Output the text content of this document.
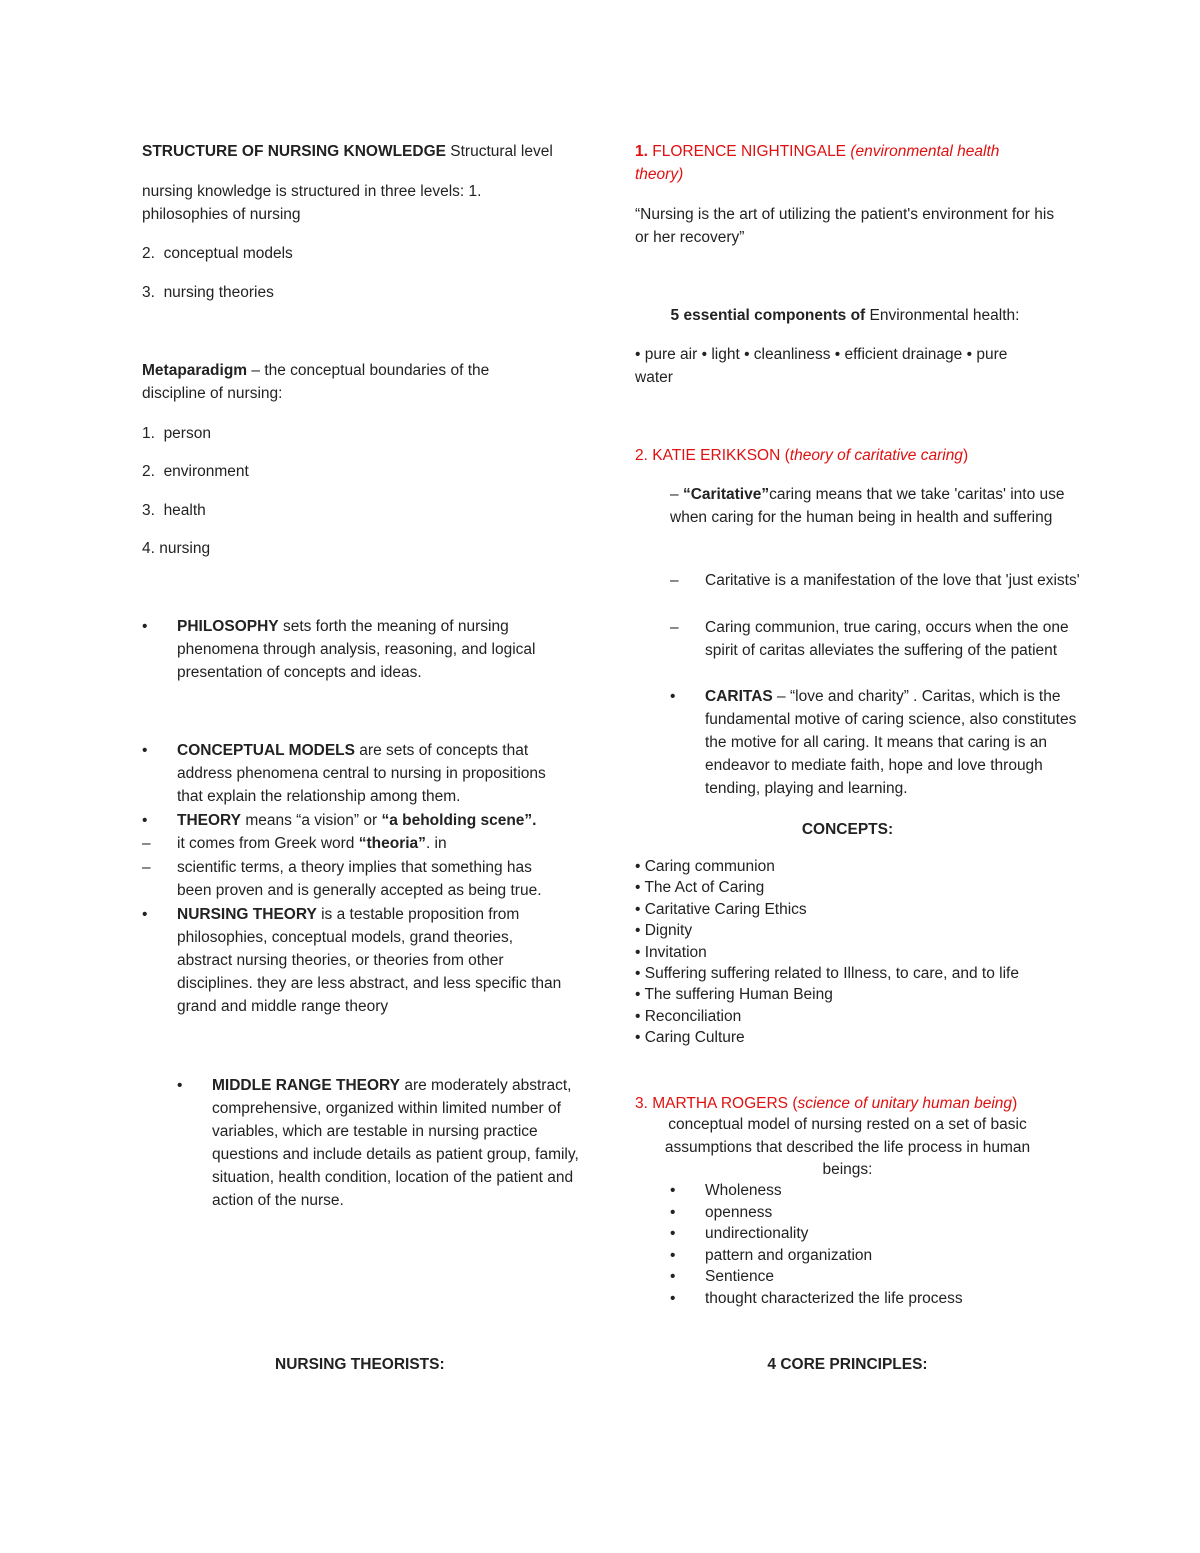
STRUCTURE OF NURSING KNOWLEDGE Structural level

nursing knowledge is structured in three levels: 1. philosophies of nursing

2. conceptual models

3. nursing theories

Metaparadigm – the conceptual boundaries of the discipline of nursing:

1. person

2. environment

3. health

4. nursing

• PHILOSOPHY sets forth the meaning of nursing phenomena through analysis, reasoning, and logical presentation of concepts and ideas.
• CONCEPTUAL MODELS are sets of concepts that address phenomena central to nursing in propositions that explain the relationship among them.
• THEORY means “a vision” or “a beholding scene”.
– it comes from Greek word “theoria”. in
– scientific terms, a theory implies that something has been proven and is generally accepted as being true.
• NURSING THEORY is a testable proposition from philosophies, conceptual models, grand theories, abstract nursing theories, or theories from other disciplines. they are less abstract, and less specific than grand and middle range theory
• MIDDLE RANGE THEORY are moderately abstract, comprehensive, organized within limited number of variables, which are testable in nursing practice questions and include details as patient group, family, situation, health condition, location of the patient and action of the nurse.

NURSING THEORISTS:

1. FLORENCE NIGHTINGALE (environmental health theory)

“Nursing is the art of utilizing the patient's environment for his or her recovery”

5 essential components of Environmental health:

• pure air • light • cleanliness • efficient drainage • pure water

2. KATIE ERIKKSON (theory of caritative caring)

– “Caritative”caring means that we take 'caritas' into use when caring for the human being in health and suffering

– Caritative is a manifestation of the love that 'just exists'
– Caring communion, true caring, occurs when the one spirit of caritas alleviates the suffering of the patient
• CARITAS – “love and charity” . Caritas, which is the fundamental motive of caring science, also constitutes the motive for all caring. It means that caring is an endeavor to mediate faith, hope and love through tending, playing and learning.

CONCEPTS:

• Caring communion

• The Act of Caring

• Caritative Caring Ethics

• Dignity

• Invitation

• Suffering suffering related to Illness, to care, and to life

• The suffering Human Being

• Reconciliation

• Caring Culture

3. MARTHA ROGERS (science of unitary human being)

conceptual model of nursing rested on a set of basic assumptions that described the life process in human beings:

• Wholeness

• openness

• undirectionality

• pattern and organization

• Sentience

• thought characterized the life process

4 CORE PRINCIPLES:
